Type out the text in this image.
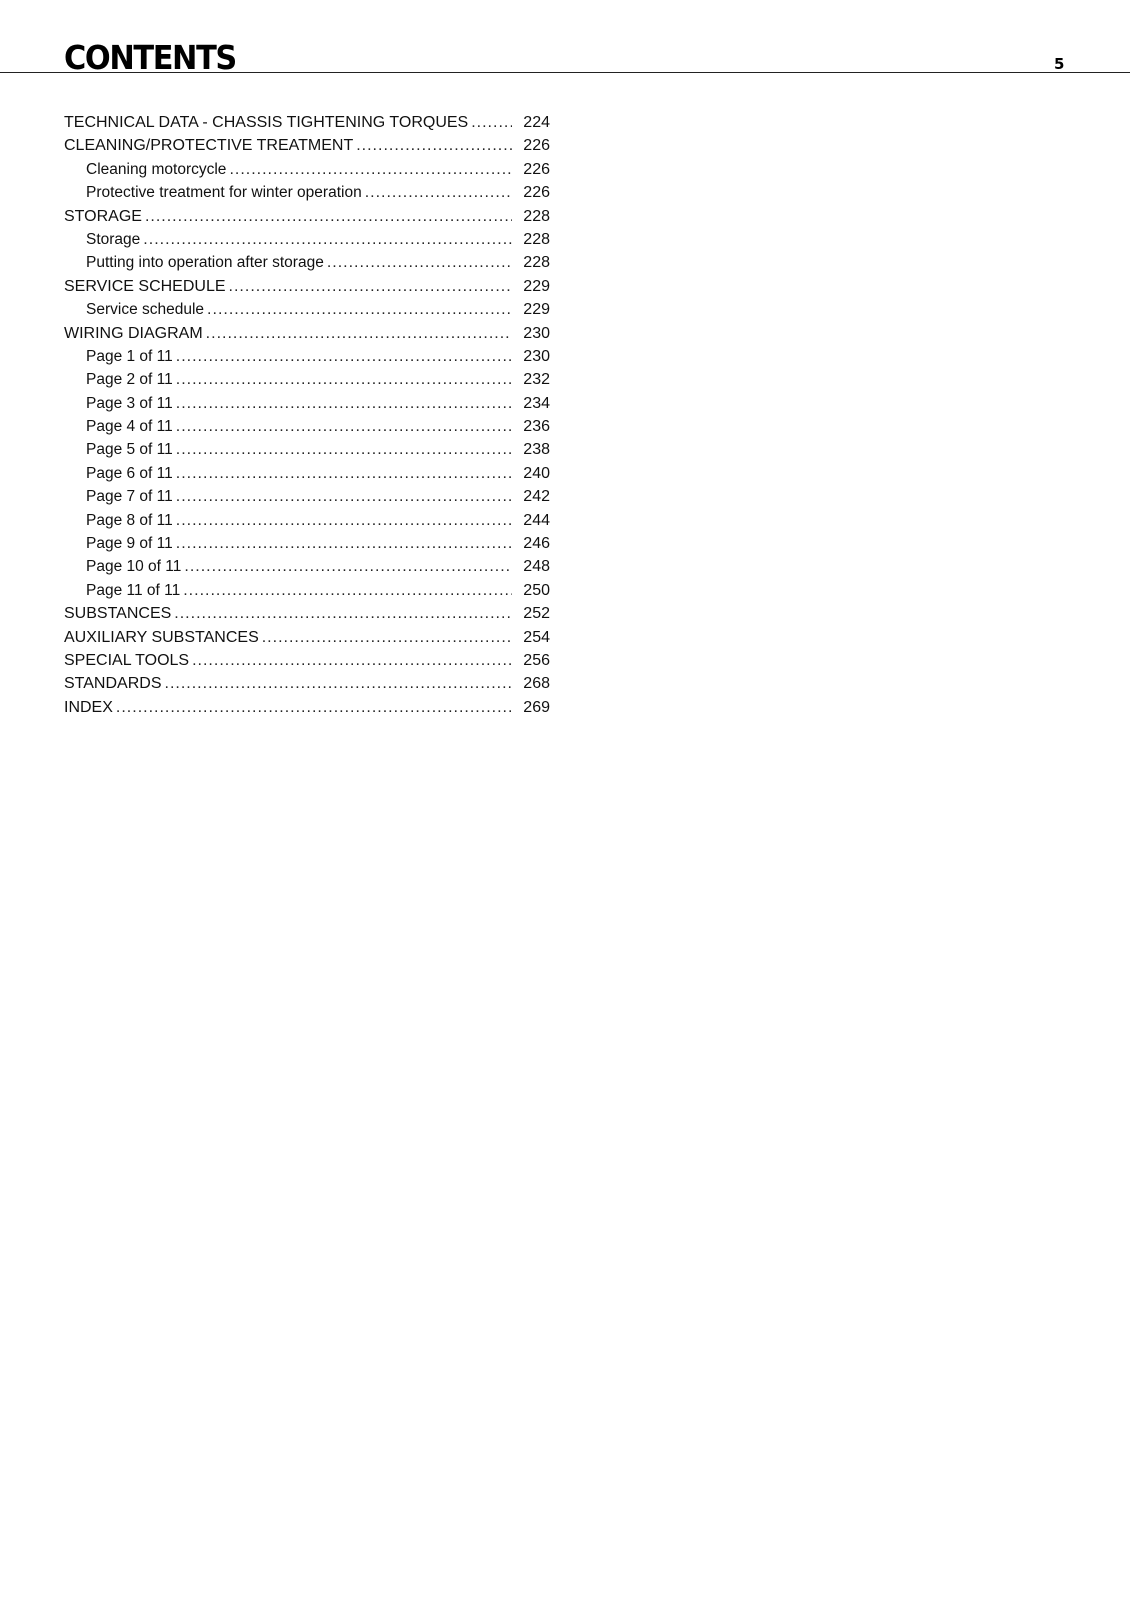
CONTENTS	5
TECHNICAL DATA - CHASSIS TIGHTENING TORQUES .....	224
CLEANING/PROTECTIVE TREATMENT .....	226
Cleaning motorcycle .....	226
Protective treatment for winter operation .....	226
STORAGE .....	228
Storage .....	228
Putting into operation after storage .....	228
SERVICE SCHEDULE .....	229
Service schedule .....	229
WIRING DIAGRAM .....	230
Page 1 of 11 .....	230
Page 2 of 11 .....	232
Page 3 of 11 .....	234
Page 4 of 11 .....	236
Page 5 of 11 .....	238
Page 6 of 11 .....	240
Page 7 of 11 .....	242
Page 8 of 11 .....	244
Page 9 of 11 .....	246
Page 10 of 11 .....	248
Page 11 of 11 .....	250
SUBSTANCES .....	252
AUXILIARY SUBSTANCES .....	254
SPECIAL TOOLS .....	256
STANDARDS .....	268
INDEX .....	269
